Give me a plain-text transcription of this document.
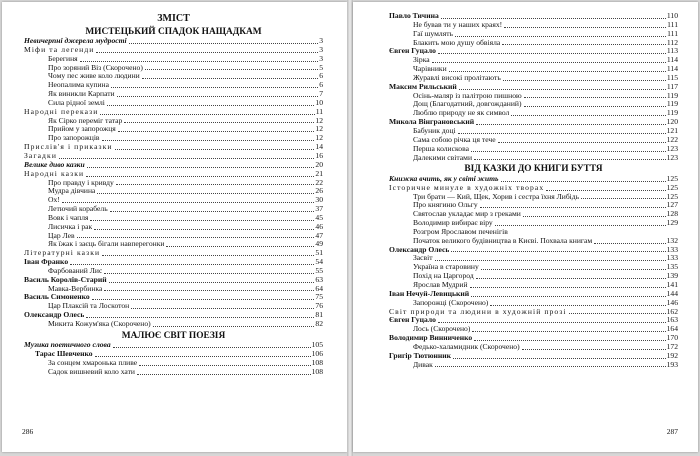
ЗМІСТ
МИСТЕЦЬКИЙ СПАДОК НАЩАДКАМ
Невичерпні джерела мудрості	3
Міфи та легенди	3
Берегиня	3
Про зоряний Віз (Скорочено)	5
Чому пес живе коло людини	6
Неопалима купина	6
Як виникли Карпати	7
Сила рідної землі	10
Народні перекази	11
Як Сірко переміг татар	12
Прийом у запорожця	12
Про запорожців	12
Прислів'я і приказки	14
Загадки	16
Велике диво казки	20
Народні казки	21
Про правду і кривду	22
Мудра дівчина	26
Ох!	30
Летючий корабель	37
Вовк і чапля	45
Лисичка і рак	46
Цар Лев	47
Як їжак і заєць бігали навперегонки	49
Літературні казки	51
Іван Франко	54
Фарбований Лис	55
Василь Королів-Старий	63
Мавка-Вербинка	64
Василь Симоненко	75
Цар Плаксій та Лоскотон	76
Олександр Олесь	81
Микита Кожум'яка (Скорочено)	82
МАЛЮЄ СВІТ ПОЕЗІЯ
Музика поетичного слова	105
Тарас Шевченко	106
За сонцем хмаронька пливе	108
Садок вишневий коло хати	108
286
Павло Тичина	110
Не бував ти у наших краях!	111
Гаї шумлять	111
Блакить мою душу обвіяла	112
Євген Гуцало	113
Зірка	114
Чарівники	114
Журавлі високі пролітають	115
Максим Рильський	117
Осінь-маляр із палітрою пишною	119
Дощ (Благодатний, довгожданий)	119
Люблю природу не як символ	119
Микола Вінграновський	120
Бабуник доці	121
Сама собою річка ця тече	122
Перша колискова	123
Далекими світами	123
ВІД КАЗКИ ДО КНИГИ БУТТЯ
Книжка вчить, як у світі жить	125
Історичне минуле в художніх творах	125
Три брати — Кий, Щек, Хорив і сестра їхня Либідь	125
Про княгиню Ольгу	127
Святослав укладає мир з греками	128
Володимир вибирає віру	129
Розгром Ярославом печенігів
Початок великого будівництва в Києві. Похвала книгам	132
Олександр Олесь	133
Засвіт	133
Україна в старовину	135
Похід на Царгород	139
Ярослав Мудрий	141
Іван Нечуй-Левицький	144
Запорожці (Скорочено)	146
Світ природи та людини в художній прозі	162
Євген Гуцало	163
Лось (Скорочено)	164
Володимир Винниченко	170
Федько-халамидник (Скорочено)	172
Григір Тютюнник	192
Дивак	193
287
